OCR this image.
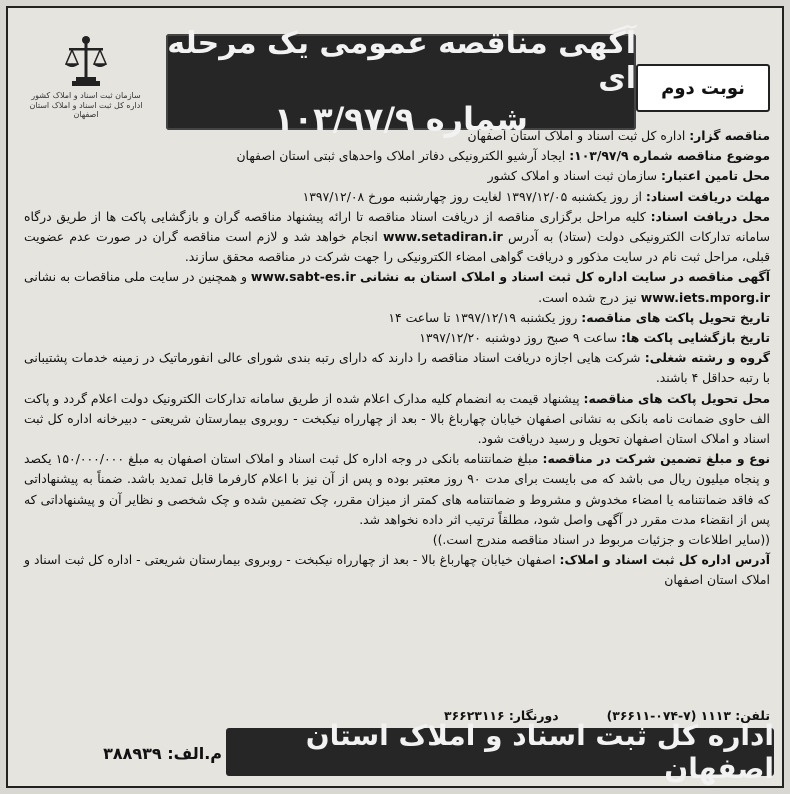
سازمان ثبت اسناد و املاک کشور اداره کل ثبت اسناد و املاک استان اصفهان
آگهی مناقصه عمومی یک مرحله ای
شماره ۱۰۳/۹۷/۹
نوبت دوم

مناقصه گزار: اداره کل ثبت اسناد و املاک استان اصفهان

موضوع مناقصه شماره ۱۰۳/۹۷/۹: ایجاد آرشیو الکترونیکی دفاتر املاک واحدهای ثبتی استان اصفهان

محل تامین اعتبار: سازمان ثبت اسناد و املاک کشور

مهلت دریافت اسناد: از روز یکشنبه ۱۳۹۷/۱۲/۰۵ لغایت روز چهارشنبه مورخ ۱۳۹۷/۱۲/۰۸

محل دریافت اسناد: کلیه مراحل برگزاری مناقصه از دریافت اسناد مناقصه تا ارائه پیشنهاد مناقصه گران و بازگشایی پاکت ها از طریق درگاه سامانه تدارکات الکترونیکی دولت (ستاد) به آدرس www.setadiran.ir انجام خواهد شد و لازم است مناقصه گران در صورت عدم عضویت قبلی، مراحل ثبت نام در سایت مذکور و دریافت گواهی امضاء الکترونیکی را جهت شرکت در مناقصه محقق سازند.

آگهی مناقصه در سایت اداره کل ثبت اسناد و املاک استان به نشانی www.sabt-es.ir و همچنین در سایت ملی مناقصات به نشانی www.iets.mporg.ir نیز درج شده است.

تاریخ تحویل پاکت های مناقصه: روز یکشنبه ۱۳۹۷/۱۲/۱۹ تا ساعت ۱۴

تاریخ بازگشایی پاکت ها: ساعت ۹ صبح روز دوشنبه ۱۳۹۷/۱۲/۲۰

گروه و رشته شغلی: شرکت هایی اجازه دریافت اسناد مناقصه را دارند که دارای رتبه بندی شورای عالی انفورماتیک در زمینه خدمات پشتیبانی با رتبه حداقل ۴ باشند.

محل تحویل پاکت های مناقصه: پیشنهاد قیمت به انضمام کلیه مدارک اعلام شده از طریق سامانه تدارکات الکترونیک دولت اعلام گردد و پاکت الف حاوی ضمانت نامه بانکی به نشانی اصفهان خیابان چهارباغ بالا - بعد از چهارراه نیکبخت - روبروی بیمارستان شریعتی - دبیرخانه اداره کل ثبت اسناد و املاک استان اصفهان تحویل و رسید دریافت شود.

نوع و مبلغ تضمین شرکت در مناقصه: مبلغ ضمانتنامه بانکی در وجه اداره کل ثبت اسناد و املاک استان اصفهان به مبلغ ۱۵۰/۰۰۰/۰۰۰ یکصد و پنجاه میلیون ریال می باشد که می بایست برای مدت ۹۰ روز معتبر بوده و پس از آن نیز با اعلام کارفرما قابل تمدید باشد. ضمناً به پیشنهاداتی که فاقد ضمانتنامه یا امضاء مخدوش و مشروط و ضمانتنامه های کمتر از میزان مقرر، چک تضمین شده و چک شخصی و نظایر آن و پیشنهاداتی که پس از انقضاء مدت مقرر در آگهی واصل شود، مطلقاً ترتیب اثر داده نخواهد شد.

((سایر اطلاعات و جزئیات مربوط در اسناد مناقصه مندرج است.))

آدرس اداره کل ثبت اسناد و املاک: اصفهان خیابان چهارباغ بالا - بعد از چهارراه نیکبخت - روبروی بیمارستان شریعتی - اداره کل ثبت اسناد و املاک استان اصفهان

تلفن: ۱۱۱۳ (۷-۰۷۴-۳۶۶۱۱)
دورنگار: ۳۶۶۲۳۱۱۶
م.الف: ۳۸۸۹۳۹
اداره کل ثبت اسناد و املاک استان اصفهان
